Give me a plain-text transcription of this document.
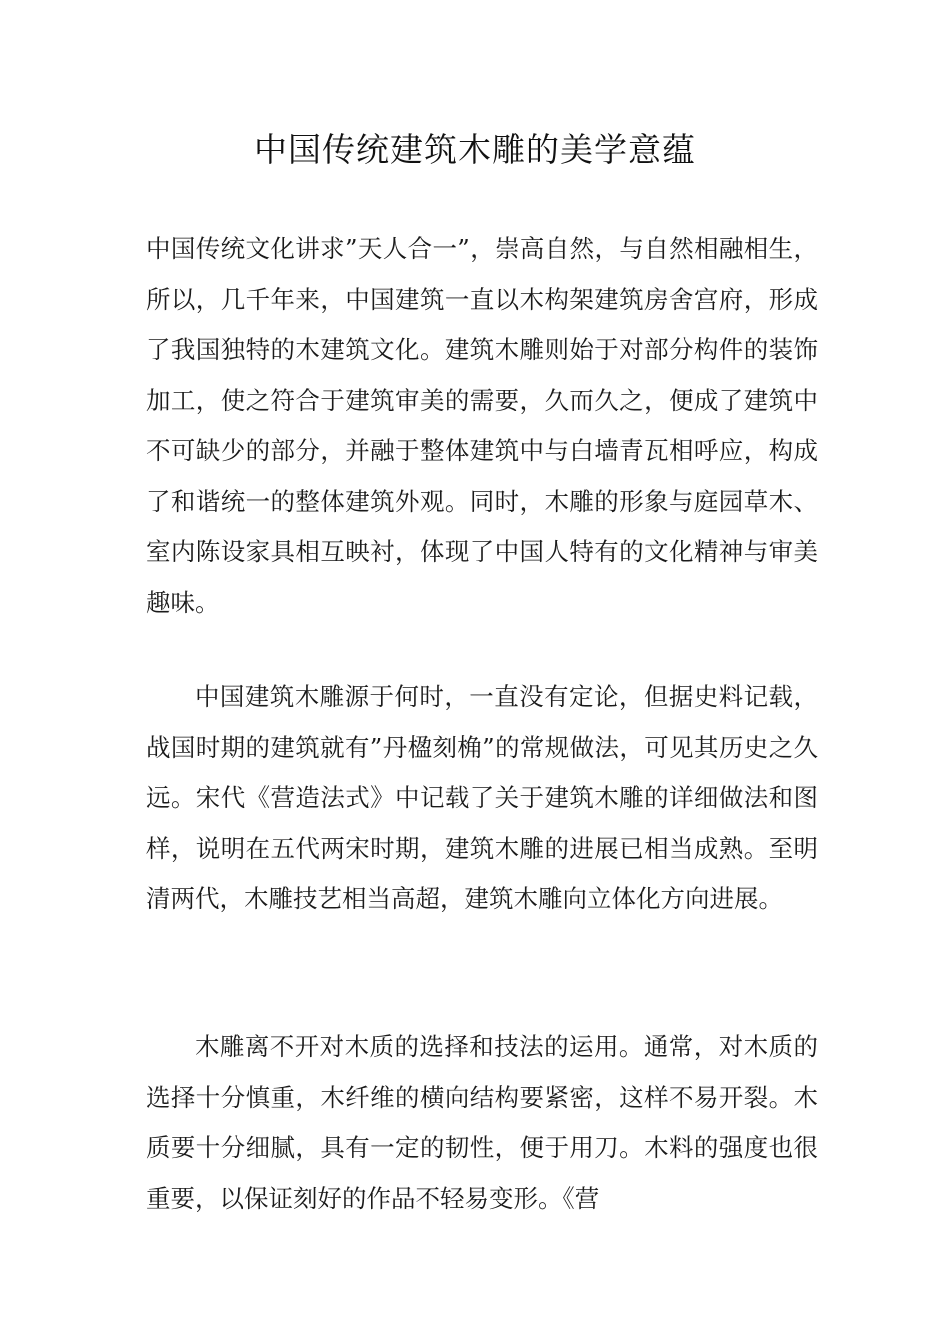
中国传统建筑木雕的美学意蕴

中国传统文化讲求”天人合一”，崇高自然，与自然相融相生，所以，几千年来，中国建筑一直以木构架建筑房舍宫府，形成了我国独特的木建筑文化。建筑木雕则始于对部分构件的装饰加工，使之符合于建筑审美的需要，久而久之，便成了建筑中不可缺少的部分，并融于整体建筑中与白墙青瓦相呼应，构成了和谐统一的整体建筑外观。同时，木雕的形象与庭园草木、室内陈设家具相互映衬，体现了中国人特有的文化精神与审美趣味。

中国建筑木雕源于何时，一直没有定论，但据史料记载，战国时期的建筑就有”丹楹刻桷”的常规做法，可见其历史之久远。宋代《营造法式》中记载了关于建筑木雕的详细做法和图样，说明在五代两宋时期，建筑木雕的进展已相当成熟。至明清两代，木雕技艺相当高超，建筑木雕向立体化方向进展。

木雕离不开对木质的选择和技法的运用。通常，对木质的选择十分慎重，木纤维的横向结构要紧密，这样不易开裂。木质要十分细腻，具有一定的韧性，便于用刀。木料的强度也很重要，以保证刻好的作品不轻易变形。《营
